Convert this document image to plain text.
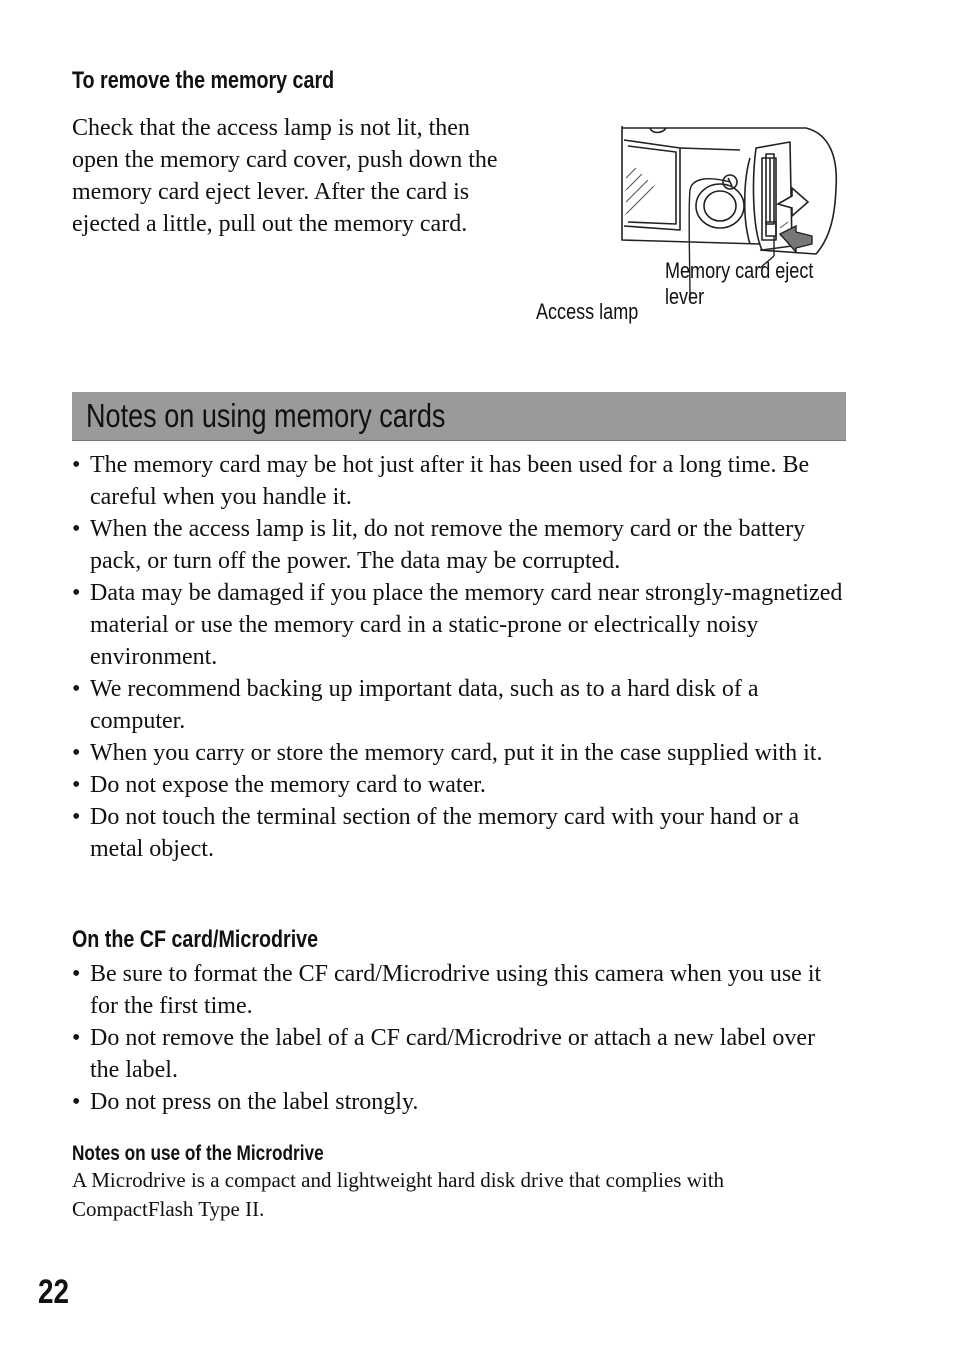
To remove the memory card

Check that the access lamp is not lit, then open the memory card cover, push down the memory card eject lever. After the card is ejected a little, pull out the memory card.

Memory card eject
lever
Access lamp
Notes on using memory cards
• The memory card may be hot just after it has been used for a long time. Be careful when you handle it.
• When the access lamp is lit, do not remove the memory card or the battery pack, or turn off the power. The data may be corrupted.
• Data may be damaged if you place the memory card near strongly-magnetized material or use the memory card in a static-prone or electrically noisy environment.
• We recommend backing up important data, such as to a hard disk of a computer.
• When you carry or store the memory card, put it in the case supplied with it.
• Do not expose the memory card to water.
• Do not touch the terminal section of the memory card with your hand or a metal object.
On the CF card/Microdrive
• Be sure to format the CF card/Microdrive using this camera when you use it for the first time.
• Do not remove the label of a CF card/Microdrive or attach a new label over the label.
• Do not press on the label strongly.
Notes on use of the Microdrive

A Microdrive is a compact and lightweight hard disk drive that complies with CompactFlash Type II.

22
